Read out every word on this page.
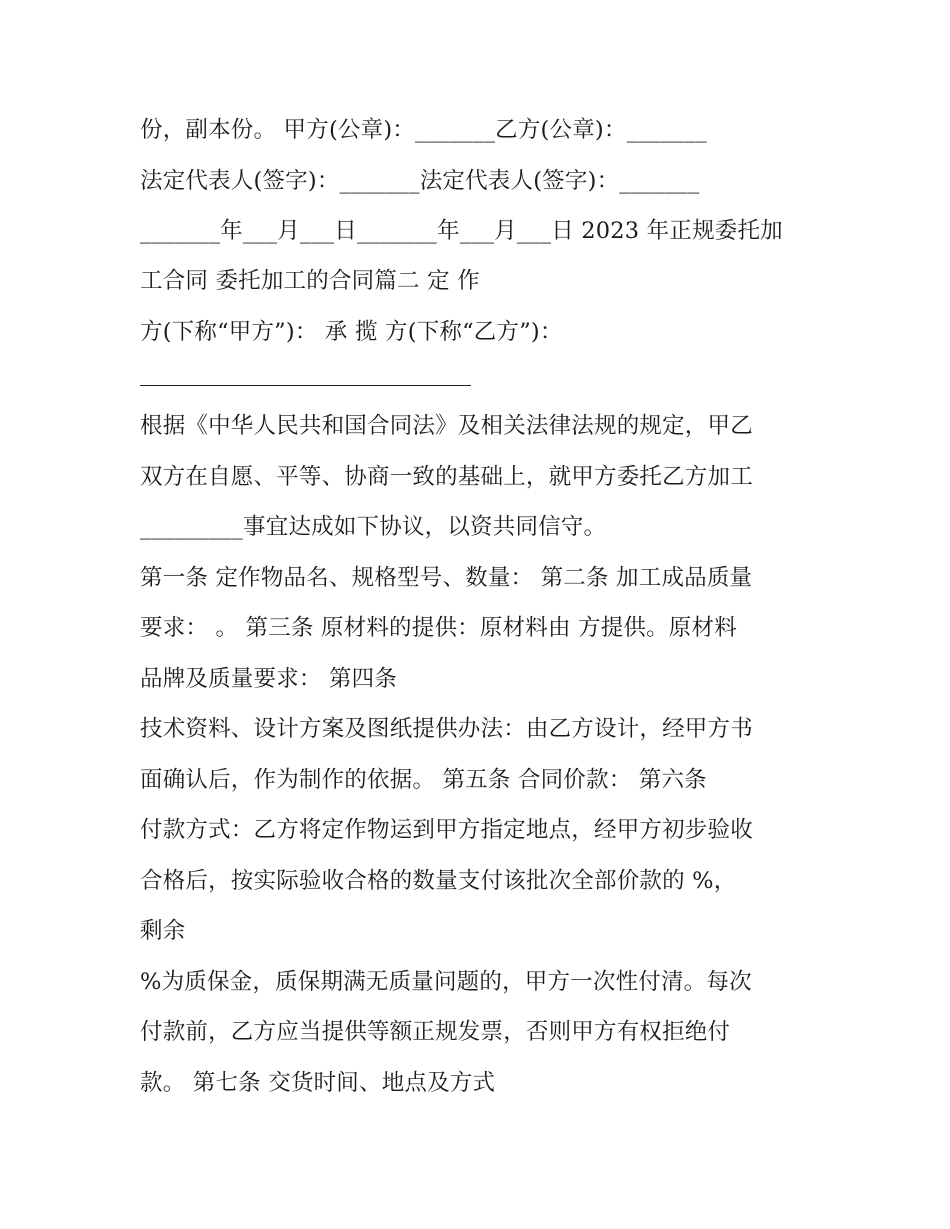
份，副本份。 甲方(公章)：_______乙方(公章)：_______
法定代表人(签字)：_______法定代表人(签字)：_______
_______年___月___日_______年___月___日 2023 年正规委托加
工合同 委托加工的合同篇二 定 作
方(下称“甲方”)： 承 揽 方(下称“乙方”)：
根据《中华人民共和国合同法》及相关法律法规的规定，甲乙
双方在自愿、平等、协商一致的基础上，就甲方委托乙方加工
_________事宜达成如下协议，以资共同信守。
第一条 定作物品名、规格型号、数量： 第二条 加工成品质量
要求： 。 第三条 原材料的提供：原材料由 方提供。原材料
品牌及质量要求： 第四条
技术资料、设计方案及图纸提供办法：由乙方设计，经甲方书
面确认后，作为制作的依据。 第五条 合同价款： 第六条
付款方式：乙方将定作物运到甲方指定地点，经甲方初步验收
合格后，按实际验收合格的数量支付该批次全部价款的 %，
剩余
%为质保金，质保期满无质量问题的，甲方一次性付清。每次
付款前，乙方应当提供等额正规发票，否则甲方有权拒绝付
款。 第七条 交货时间、地点及方式
